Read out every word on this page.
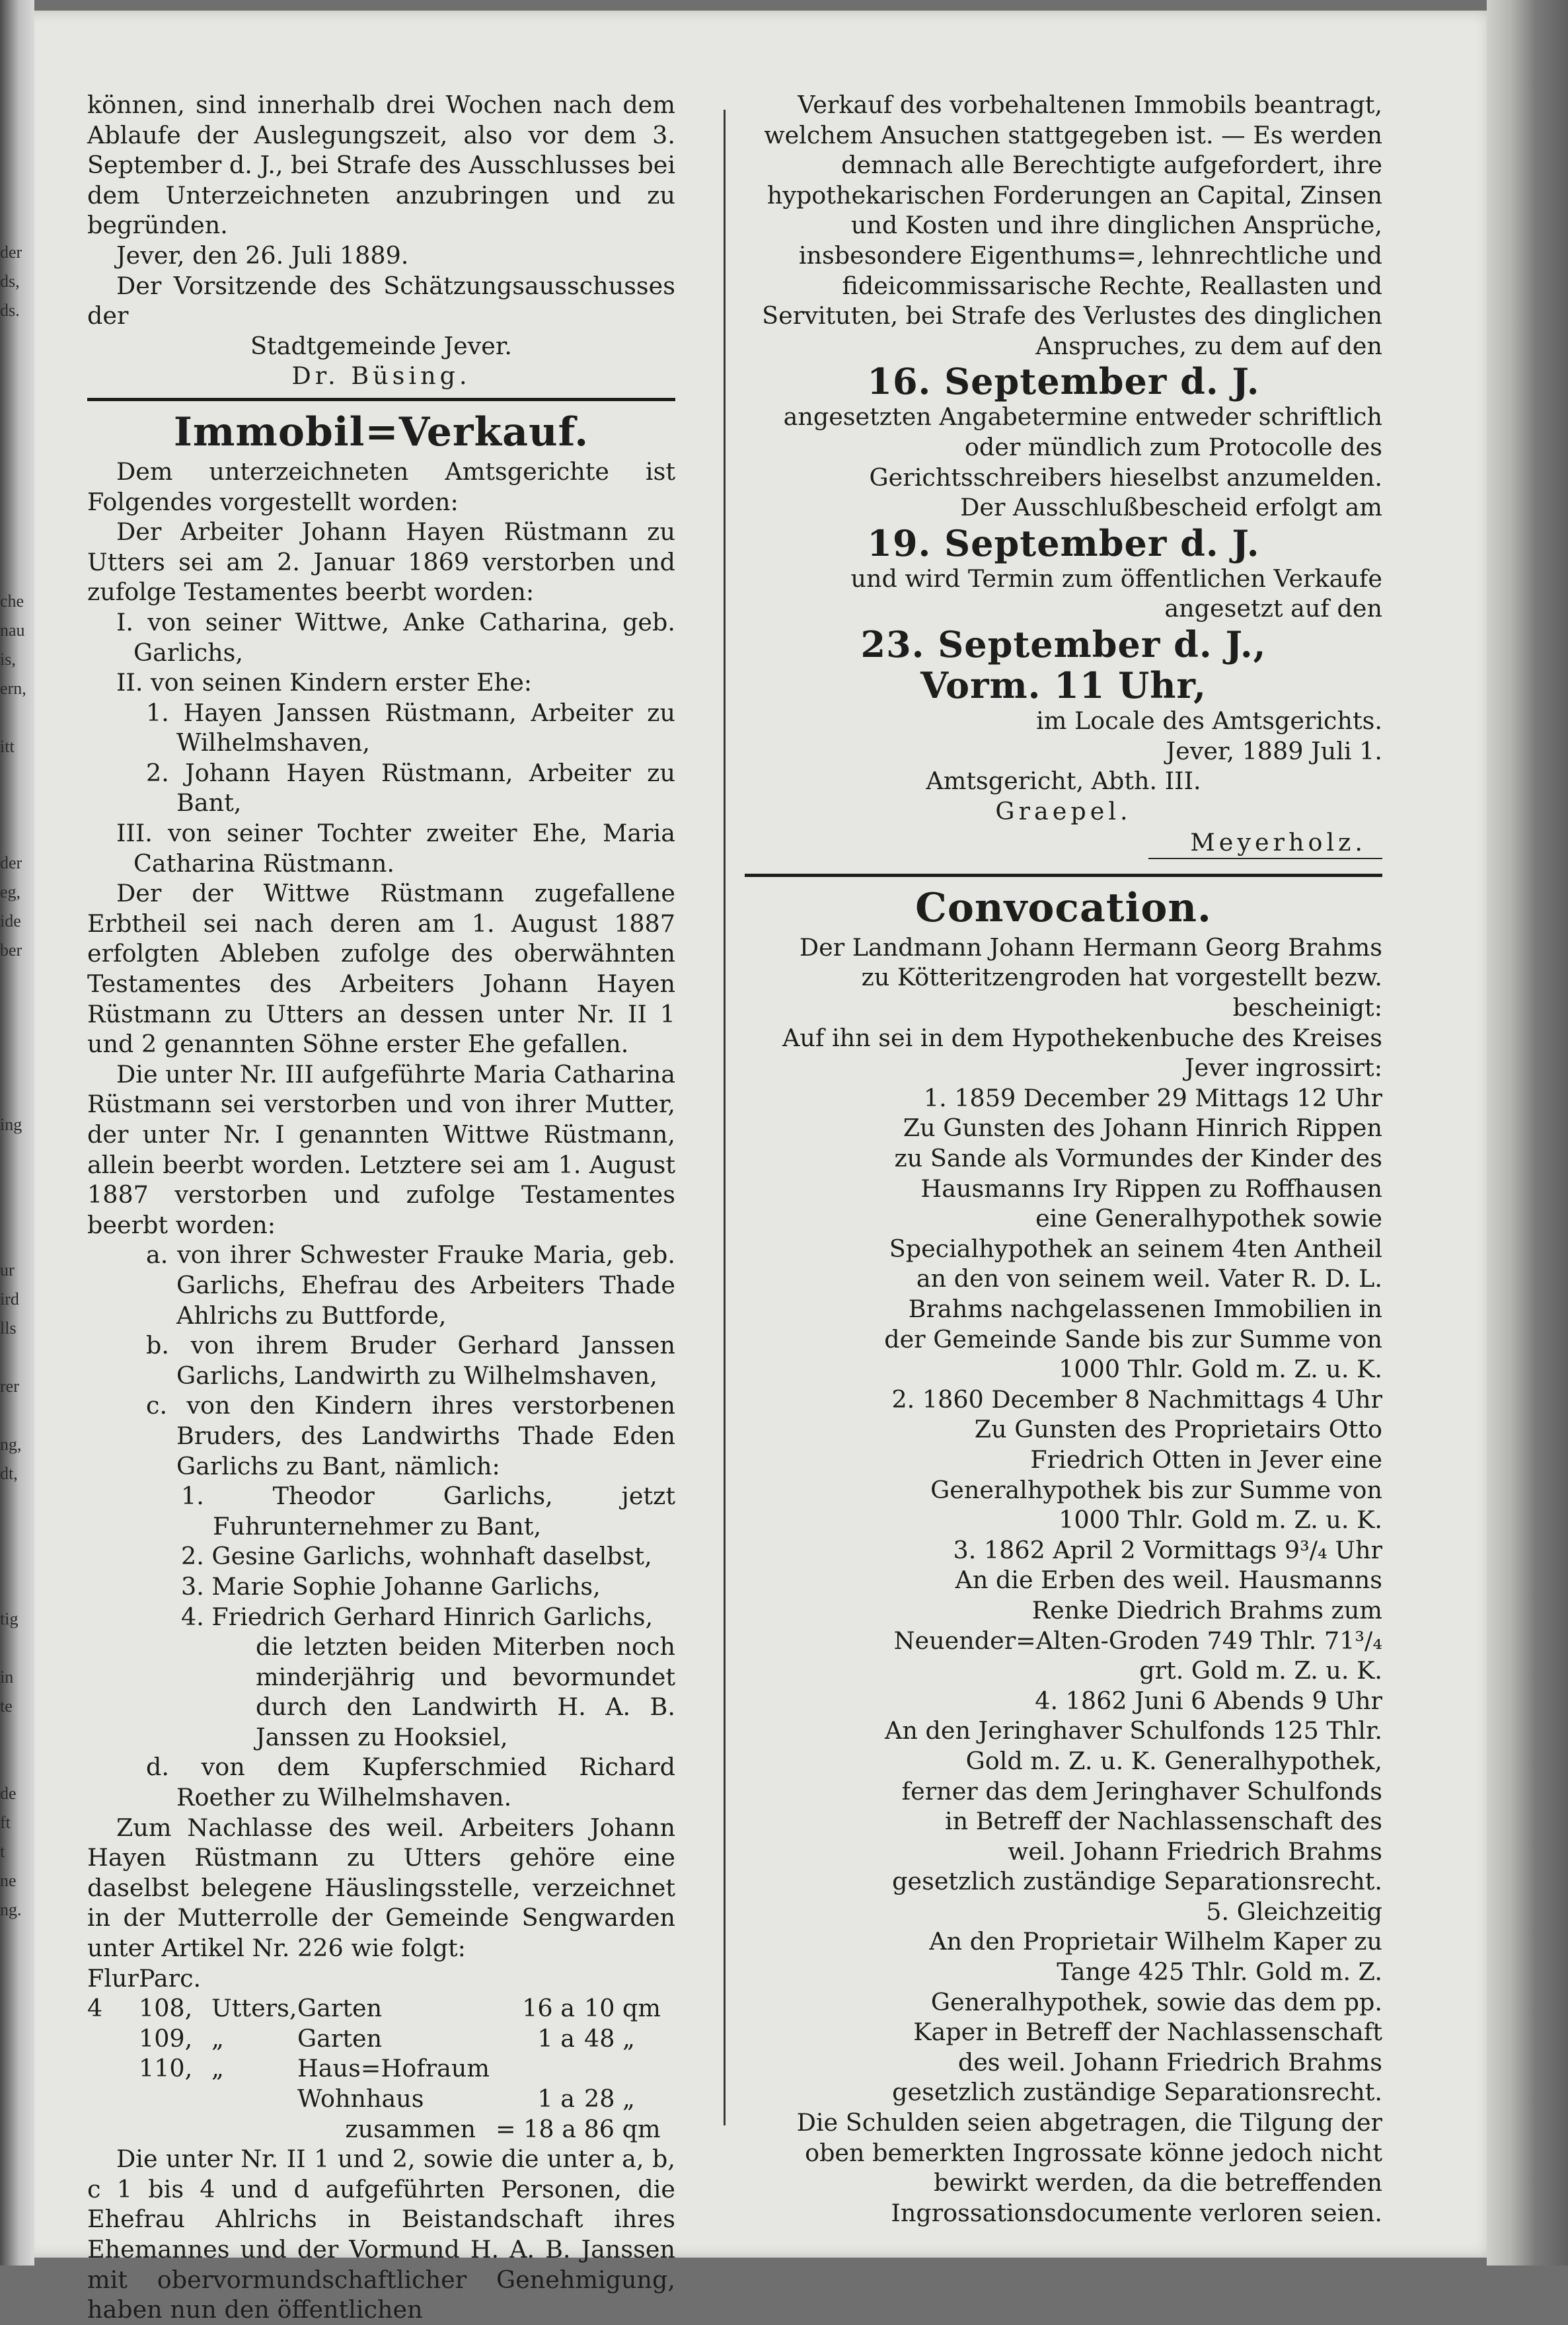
der
ds,
ds.
che
nau
is,
ern,
itt
der
eg,
ide
ber
ing
ur
ird
lls
rer
ng,
dt,
tig
in
te
de
ft
t
ne
ng.

können, sind innerhalb drei Wochen nach dem Ablaufe der Auslegungszeit, also vor dem 3. September d. J., bei Strafe des Ausschlusses bei dem Unterzeichneten anzubringen und zu begründen.

Jever, den 26. Juli 1889.

Der Vorsitzende des Schätzungsausschusses der

Stadtgemeinde Jever.

Dr. Büsing.

Immobil=Verkauf.

Dem unterzeichneten Amtsgerichte ist Folgendes vorgestellt worden:

Der Arbeiter Johann Hayen Rüstmann zu Utters sei am 2. Januar 1869 verstorben und zufolge Testamentes beerbt worden:

I. von seiner Wittwe, Anke Catharina, geb. Garlichs,

II. von seinen Kindern erster Ehe:

1. Hayen Janssen Rüstmann, Arbeiter zu Wilhelmshaven,

2. Johann Hayen Rüstmann, Arbeiter zu Bant,

III. von seiner Tochter zweiter Ehe, Maria Catharina Rüstmann.

Der der Wittwe Rüstmann zugefallene Erbtheil sei nach deren am 1. August 1887 erfolgten Ableben zufolge des oberwähnten Testamentes des Arbeiters Johann Hayen Rüstmann zu Utters an dessen unter Nr. II 1 und 2 genannten Söhne erster Ehe gefallen.

Die unter Nr. III aufgeführte Maria Catharina Rüstmann sei verstorben und von ihrer Mutter, der unter Nr. I genannten Wittwe Rüstmann, allein beerbt worden. Letztere sei am 1. August 1887 verstorben und zufolge Testamentes beerbt worden:

a. von ihrer Schwester Frauke Maria, geb. Garlichs, Ehefrau des Arbeiters Thade Ahlrichs zu Buttforde,

b. von ihrem Bruder Gerhard Janssen Garlichs, Landwirth zu Wilhelmshaven,

c. von den Kindern ihres verstorbenen Bruders, des Landwirths Thade Eden Garlichs zu Bant, nämlich:

1. Theodor Garlichs, jetzt Fuhrunternehmer zu Bant,

2. Gesine Garlichs, wohnhaft daselbst,

3. Marie Sophie Johanne Garlichs,

4. Friedrich Gerhard Hinrich Garlichs,

die letzten beiden Miterben noch minderjährig und bevormundet durch den Landwirth H. A. B. Janssen zu Hooksiel,

d. von dem Kupferschmied Richard Roether zu Wilhelmshaven.

Zum Nachlasse des weil. Arbeiters Johann Hayen Rüstmann zu Utters gehöre eine daselbst belegene Häuslingsstelle, verzeichnet in der Mutterrolle der Gemeinde Sengwarden unter Artikel Nr. 226 wie folgt:

Flur	Parc.				
4	108,	Utters,	Garten	16 a	10 qm
	109,	„	Garten	1 a	48 „
	110,	„	Haus=Hofraum		
			Wohnhaus	1 a	28 „
		zusammen		= 18 a 86 qm	

Die unter Nr. II 1 und 2, sowie die unter a, b, c 1 bis 4 und d aufgeführten Personen, die Ehefrau Ahlrichs in Beistandschaft ihres Ehemannes und der Vormund H. A. B. Janssen mit obervormundschaftlicher Genehmigung, haben nun den öffentlichen

Verkauf des vorbehaltenen Immobils beantragt, welchem Ansuchen stattgegeben ist. — Es werden demnach alle Berechtigte aufgefordert, ihre hypothekarischen Forderungen an Capital, Zinsen und Kosten und ihre dinglichen Ansprüche, insbesondere Eigenthums=, lehnrechtliche und fideicommissarische Rechte, Reallasten und Servituten, bei Strafe des Verlustes des dinglichen Anspruches, zu dem auf den

16. September d. J.

angesetzten Angabetermine entweder schriftlich oder mündlich zum Protocolle des Gerichtsschreibers hieselbst anzumelden.

Der Ausschlußbescheid erfolgt am

19. September d. J.

und wird Termin zum öffentlichen Verkaufe angesetzt auf den

23. September d. J.,
Vorm. 11 Uhr,

im Locale des Amtsgerichts.

Jever, 1889 Juli 1.

Amtsgericht, Abth. III.

Graepel.

Meyerholz.
Convocation.

Der Landmann Johann Hermann Georg Brahms zu Kötteritzengroden hat vorgestellt bezw. bescheinigt:

Auf ihn sei in dem Hypothekenbuche des Kreises Jever ingrossirt:

1. 1859 December 29 Mittags 12 Uhr

Zu Gunsten des Johann Hinrich Rippen zu Sande als Vormundes der Kinder des Hausmanns Iry Rippen zu Roffhausen eine Generalhypothek sowie Specialhypothek an seinem 4ten Antheil an den von seinem weil. Vater R. D. L. Brahms nachgelassenen Immobilien in der Gemeinde Sande bis zur Summe von 1000 Thlr. Gold m. Z. u. K.

2. 1860 December 8 Nachmittags 4 Uhr

Zu Gunsten des Proprietairs Otto Friedrich Otten in Jever eine Generalhypothek bis zur Summe von 1000 Thlr. Gold m. Z. u. K.

3. 1862 April 2 Vormittags 9³/₄ Uhr

An die Erben des weil. Hausmanns Renke Diedrich Brahms zum Neuender=Alten-Groden 749 Thlr. 71³/₄ grt. Gold m. Z. u. K.

4. 1862 Juni 6 Abends 9 Uhr

An den Jeringhaver Schulfonds 125 Thlr. Gold m. Z. u. K. Generalhypothek, ferner das dem Jeringhaver Schulfonds in Betreff der Nachlassenschaft des weil. Johann Friedrich Brahms gesetzlich zuständige Separationsrecht.

5. Gleichzeitig

An den Proprietair Wilhelm Kaper zu Tange 425 Thlr. Gold m. Z. Generalhypothek, sowie das dem pp. Kaper in Betreff der Nachlassenschaft des weil. Johann Friedrich Brahms gesetzlich zuständige Separationsrecht.

Die Schulden seien abgetragen, die Tilgung der oben bemerkten Ingrossate könne jedoch nicht bewirkt werden, da die betreffenden Ingrossationsdocumente verloren seien.
